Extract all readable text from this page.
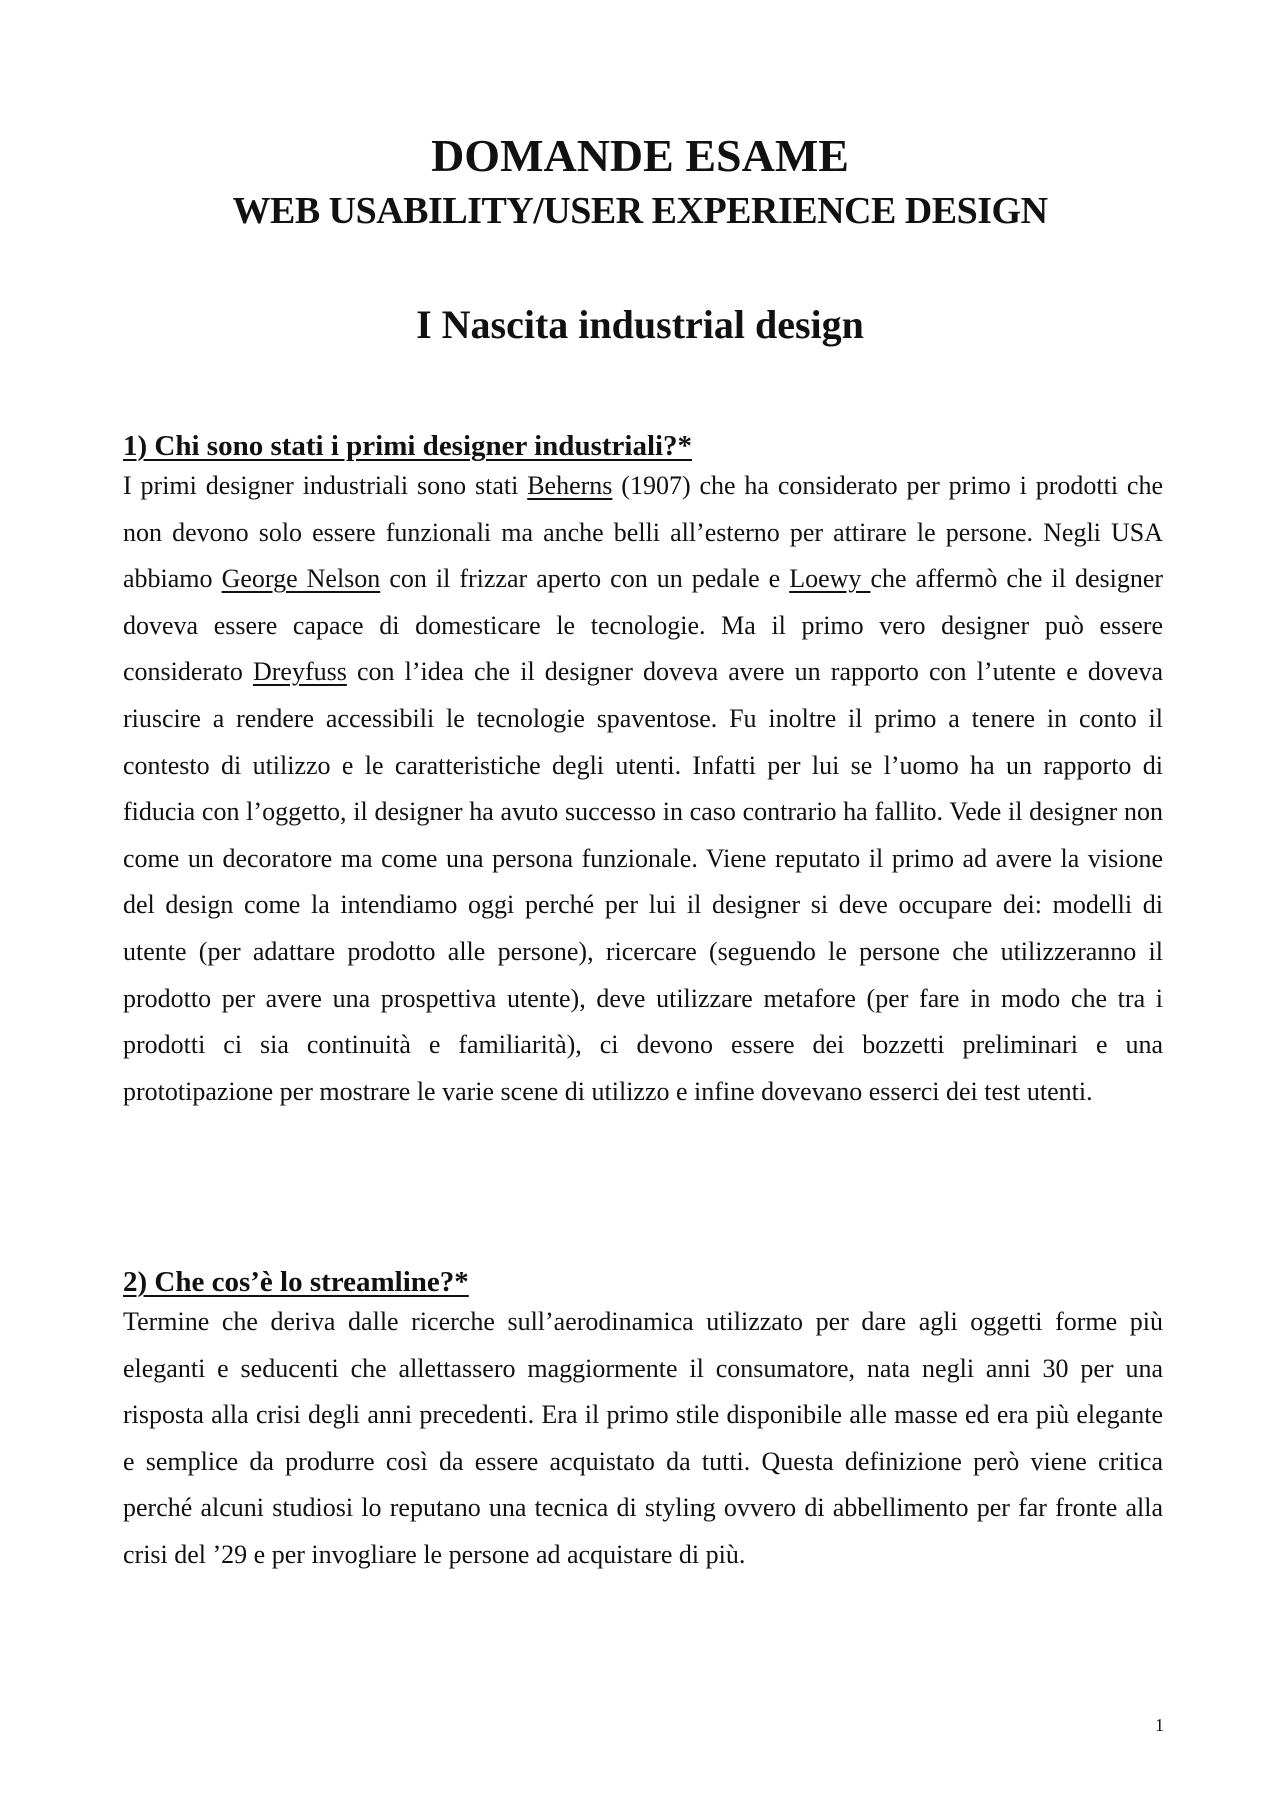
DOMANDE ESAME
WEB USABILITY/USER EXPERIENCE DESIGN
I Nascita industrial design
1) Chi sono stati i primi designer industriali?*

I primi designer industriali sono stati Beherns (1907) che ha considerato per primo i prodotti che non devono solo essere funzionali ma anche belli all’esterno per attirare le persone. Negli USA abbiamo George Nelson con il frizzar aperto con un pedale e Loewy che affermò che il designer doveva essere capace di domesticare le tecnologie. Ma il primo vero designer può essere considerato Dreyfuss con l’idea che il designer doveva avere un rapporto con l’utente e doveva riuscire a rendere accessibili le tecnologie spaventose. Fu inoltre il primo a tenere in conto il contesto di utilizzo e le caratteristiche degli utenti. Infatti per lui se l’uomo ha un rapporto di fiducia con l’oggetto, il designer ha avuto successo in caso contrario ha fallito. Vede il designer non come un decoratore ma come una persona funzionale. Viene reputato il primo ad avere la visione del design come la intendiamo oggi perché per lui il designer si deve occupare dei: modelli di utente (per adattare prodotto alle persone), ricercare (seguendo le persone che utilizzeranno il prodotto per avere una prospettiva utente), deve utilizzare metafore (per fare in modo che tra i prodotti ci sia continuità e familiarità), ci devono essere dei bozzetti preliminari e una prototipazione per mostrare le varie scene di utilizzo e infine dovevano esserci dei test utenti.

2) Che cos’è lo streamline?*

Termine che deriva dalle ricerche sull’aerodinamica utilizzato per dare agli oggetti forme più eleganti e seducenti che allettassero maggiormente il consumatore, nata negli anni 30 per una risposta alla crisi degli anni precedenti. Era il primo stile disponibile alle masse ed era più elegante e semplice da produrre così da essere acquistato da tutti. Questa definizione però viene critica perché alcuni studiosi lo reputano una tecnica di styling ovvero di abbellimento per far fronte alla crisi del ’29 e per invogliare le persone ad acquistare di più.

1
